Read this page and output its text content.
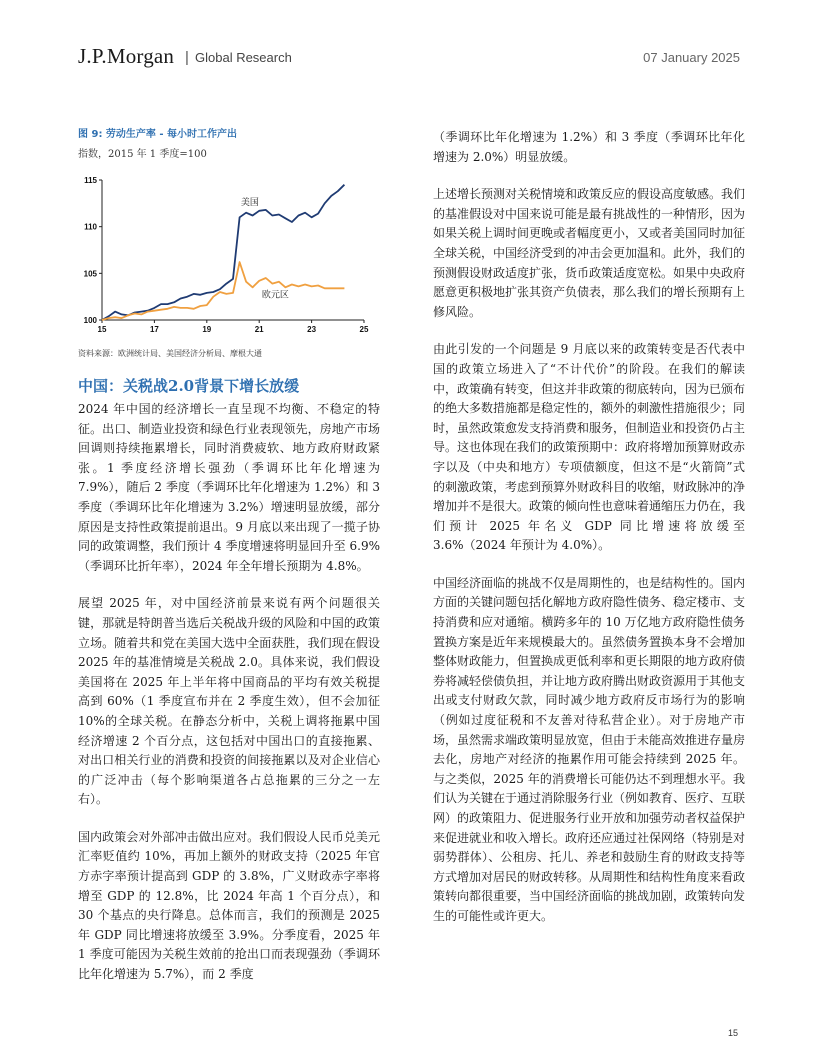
J.P.Morgan | Global Research	07 January 2025

图 9: 劳动生产率 - 每小时工作产出

指数，2015 年 1 季度=100

100
105
110
115
15	17	19	21	23	25
美国
欧元区

资料来源：欧洲统计局、美国经济分析局、摩根大通

中国：关税战2.0背景下增长放缓

2024 年中国的经济增长一直呈现不均衡、不稳定的特征。出口、制造业投资和绿色行业表现领先，房地产市场回调则持续拖累增长，同时消费疲软、地方政府财政紧张。1 季度经济增长强劲（季调环比年化增速为 7.9%），随后 2 季度（季调环比年化增速为 1.2%）和 3 季度（季调环比年化增速为 3.2%）增速明显放缓，部分原因是支持性政策提前退出。9 月底以来出现了一揽子协同的政策调整，我们预计 4 季度增速将明显回升至 6.9%（季调环比折年率），2024 年全年增长预期为 4.8%。

展望 2025 年，对中国经济前景来说有两个问题很关键，那就是特朗普当选后关税战升级的风险和中国的政策立场。随着共和党在美国大选中全面获胜，我们现在假设 2025 年的基准情境是关税战 2.0。具体来说，我们假设美国将在 2025 年上半年将中国商品的平均有效关税提高到 60%（1 季度宣布并在 2 季度生效），但不会加征 10%的全球关税。在静态分析中，关税上调将拖累中国经济增速 2 个百分点，这包括对中国出口的直接拖累、对出口相关行业的消费和投资的间接拖累以及对企业信心的广泛冲击（每个影响渠道各占总拖累的三分之一左右）。

国内政策会对外部冲击做出应对。我们假设人民币兑美元汇率贬值约 10%，再加上额外的财政支持（2025 年官方赤字率预计提高到 GDP 的 3.8%，广义财政赤字率将增至 GDP 的 12.8%，比 2024 年高 1 个百分点），和 30 个基点的央行降息。总体而言，我们的预测是 2025 年 GDP 同比增速将放缓至 3.9%。分季度看，2025 年 1 季度可能因为关税生效前的抢出口而表现强劲（季调环比年化增速为 5.7%），而 2 季度

（季调环比年化增速为 1.2%）和 3 季度（季调环比年化增速为 2.0%）明显放缓。

上述增长预测对关税情境和政策反应的假设高度敏感。我们的基准假设对中国来说可能是最有挑战性的一种情形，因为如果关税上调时间更晚或者幅度更小，又或者美国同时加征全球关税，中国经济受到的冲击会更加温和。此外，我们的预测假设财政适度扩张，货币政策适度宽松。如果中央政府愿意更积极地扩张其资产负债表，那么我们的增长预期有上修风险。

由此引发的一个问题是 9 月底以来的政策转变是否代表中国的政策立场进入了“不计代价”的阶段。在我们的解读中，政策确有转变，但这并非政策的彻底转向，因为已颁布的绝大多数措施都是稳定性的，额外的刺激性措施很少；同时，虽然政策愈发支持消费和服务，但制造业和投资仍占主导。这也体现在我们的政策预期中：政府将增加预算财政赤字以及（中央和地方）专项债额度，但这不是“火箭筒”式的刺激政策，考虑到预算外财政科目的收缩，财政脉冲的净增加并不是很大。政策的倾向性也意味着通缩压力仍在，我们预计 2025 年名义 GDP 同比增速将放缓至 3.6%（2024 年预计为 4.0%）。

中国经济面临的挑战不仅是周期性的，也是结构性的。国内方面的关键问题包括化解地方政府隐性债务、稳定楼市、支持消费和应对通缩。横跨多年的 10 万亿地方政府隐性债务置换方案是近年来规模最大的。虽然债务置换本身不会增加整体财政能力，但置换成更低利率和更长期限的地方政府债券将减轻偿债负担，并让地方政府腾出财政资源用于其他支出或支付财政欠款，同时减少地方政府反市场行为的影响（例如过度征税和不友善对待私营企业）。对于房地产市场，虽然需求端政策明显放宽，但由于未能高效推进存量房去化，房地产对经济的拖累作用可能会持续到 2025 年。与之类似，2025 年的消费增长可能仍达不到理想水平。我们认为关键在于通过消除服务行业（例如教育、医疗、互联网）的政策阻力、促进服务行业开放和加强劳动者权益保护来促进就业和收入增长。政府还应通过社保网络（特别是对弱势群体）、公租房、托儿、养老和鼓励生育的财政支持等方式增加对居民的财政转移。从周期性和结构性角度来看政策转向都很重要，当中国经济面临的挑战加剧，政策转向发生的可能性或许更大。

15
